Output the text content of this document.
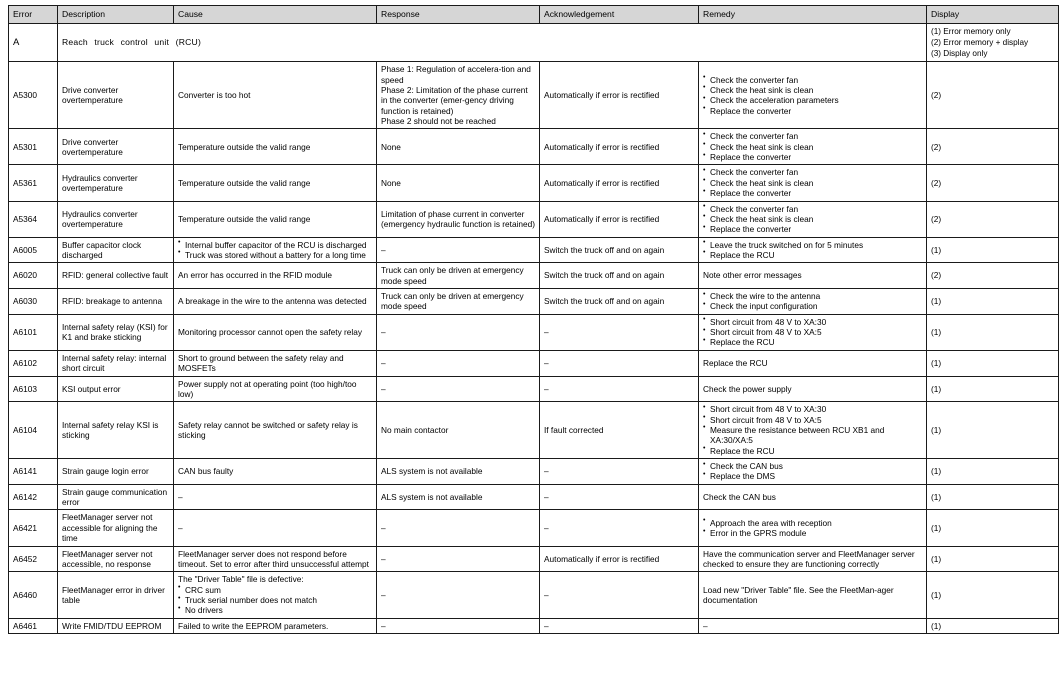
Error	Description	Cause	Response	Acknowledgement	Remedy	Display
A	Reach truck control unit (RCU)					(1) Error memory only
(2) Error memory + display
(3) Display only

A5300	Drive converter overtemperature	Converter is too hot	
Phase 1: Regulation of accelera-tion and speed
Phase 2: Limitation of the phase current in the converter (emer-gency driving function is retained)
Phase 2 should not be reached
	Automatically if error is rectified	
• Check the converter fan
• Check the heat sink is clean
• Check the acceleration parameters
• Replace the converter
	(2)
A5301	Drive converter overtemperature	Temperature outside the valid range	None	Automatically if error is rectified	
• Check the converter fan
• Check the heat sink is clean
• Replace the converter
	(2)
A5361	Hydraulics converter overtemperature	Temperature outside the valid range	None	Automatically if error is rectified	
• Check the converter fan
• Check the heat sink is clean
• Replace the converter
	(2)
A5364	Hydraulics converter overtemperature	Temperature outside the valid range	Limitation of phase current in converter (emergency hydraulic function is retained)	Automatically if error is rectified	
• Check the converter fan
• Check the heat sink is clean
• Replace the converter
	(2)
A6005	Buffer capacitor clock discharged	
• Internal buffer capacitor of the RCU is discharged
• Truck was stored without a battery for a long time
	–	Switch the truck off and on again	
• Leave the truck switched on for 5 minutes
• Replace the RCU
	(1)
A6020	RFID: general collective fault	An error has occurred in the RFID module	Truck can only be driven at emergency mode speed	Switch the truck off and on again	Note other error messages	(2)
A6030	RFID: breakage to antenna	A breakage in the wire to the antenna was detected	Truck can only be driven at emergency mode speed	Switch the truck off and on again	
• Check the wire to the antenna
• Check the input configuration
	(1)
A6101	Internal safety relay (KSI) for K1 and brake sticking	Monitoring processor cannot open the safety relay	–	–	
• Short circuit from 48 V to XA:30
• Short circuit from 48 V to XA:5
• Replace the RCU
	(1)
A6102	Internal safety relay: internal short circuit	Short to ground between the safety relay and MOSFETs	–	–	Replace the RCU	(1)
A6103	KSI output error	Power supply not at operating point (too high/too low)	–	–	Check the power supply	(1)
A6104	Internal safety relay KSI is sticking	Safety relay cannot be switched or safety relay is sticking	No main contactor	If fault corrected	
• Short circuit from 48 V to XA:30
• Short circuit from 48 V to XA:5
• Measure the resistance between RCU XB1 and XA:30/XA:5
• Replace the RCU
	(1)
A6141	Strain gauge login error	CAN bus faulty	ALS system is not available	–	
• Check the CAN bus
• Replace the DMS
	(1)
A6142	Strain gauge communication error	–	ALS system is not available	–	Check the CAN bus	(1)
A6421	FleetManager server not accessible for aligning the time	–	–	–	
• Approach the area with reception
• Error in the GPRS module
	(1)
A6452	FleetManager server not accessible, no response	FleetManager server does not respond before timeout. Set to error after third unsuccessful attempt	–	Automatically if error is rectified	Have the communication server and FleetManager server checked to ensure they are functioning correctly	(1)
A6460	FleetManager error in driver table	
The "Driver Table" file is defective:
• CRC sum
• Truck serial number does not match
• No drivers
	–	–	Load new "Driver Table" file. See the FleetMan-ager documentation	(1)
A6461	Write FMID/TDU EEPROM	Failed to write the EEPROM parameters.	–	–	–	(1)
